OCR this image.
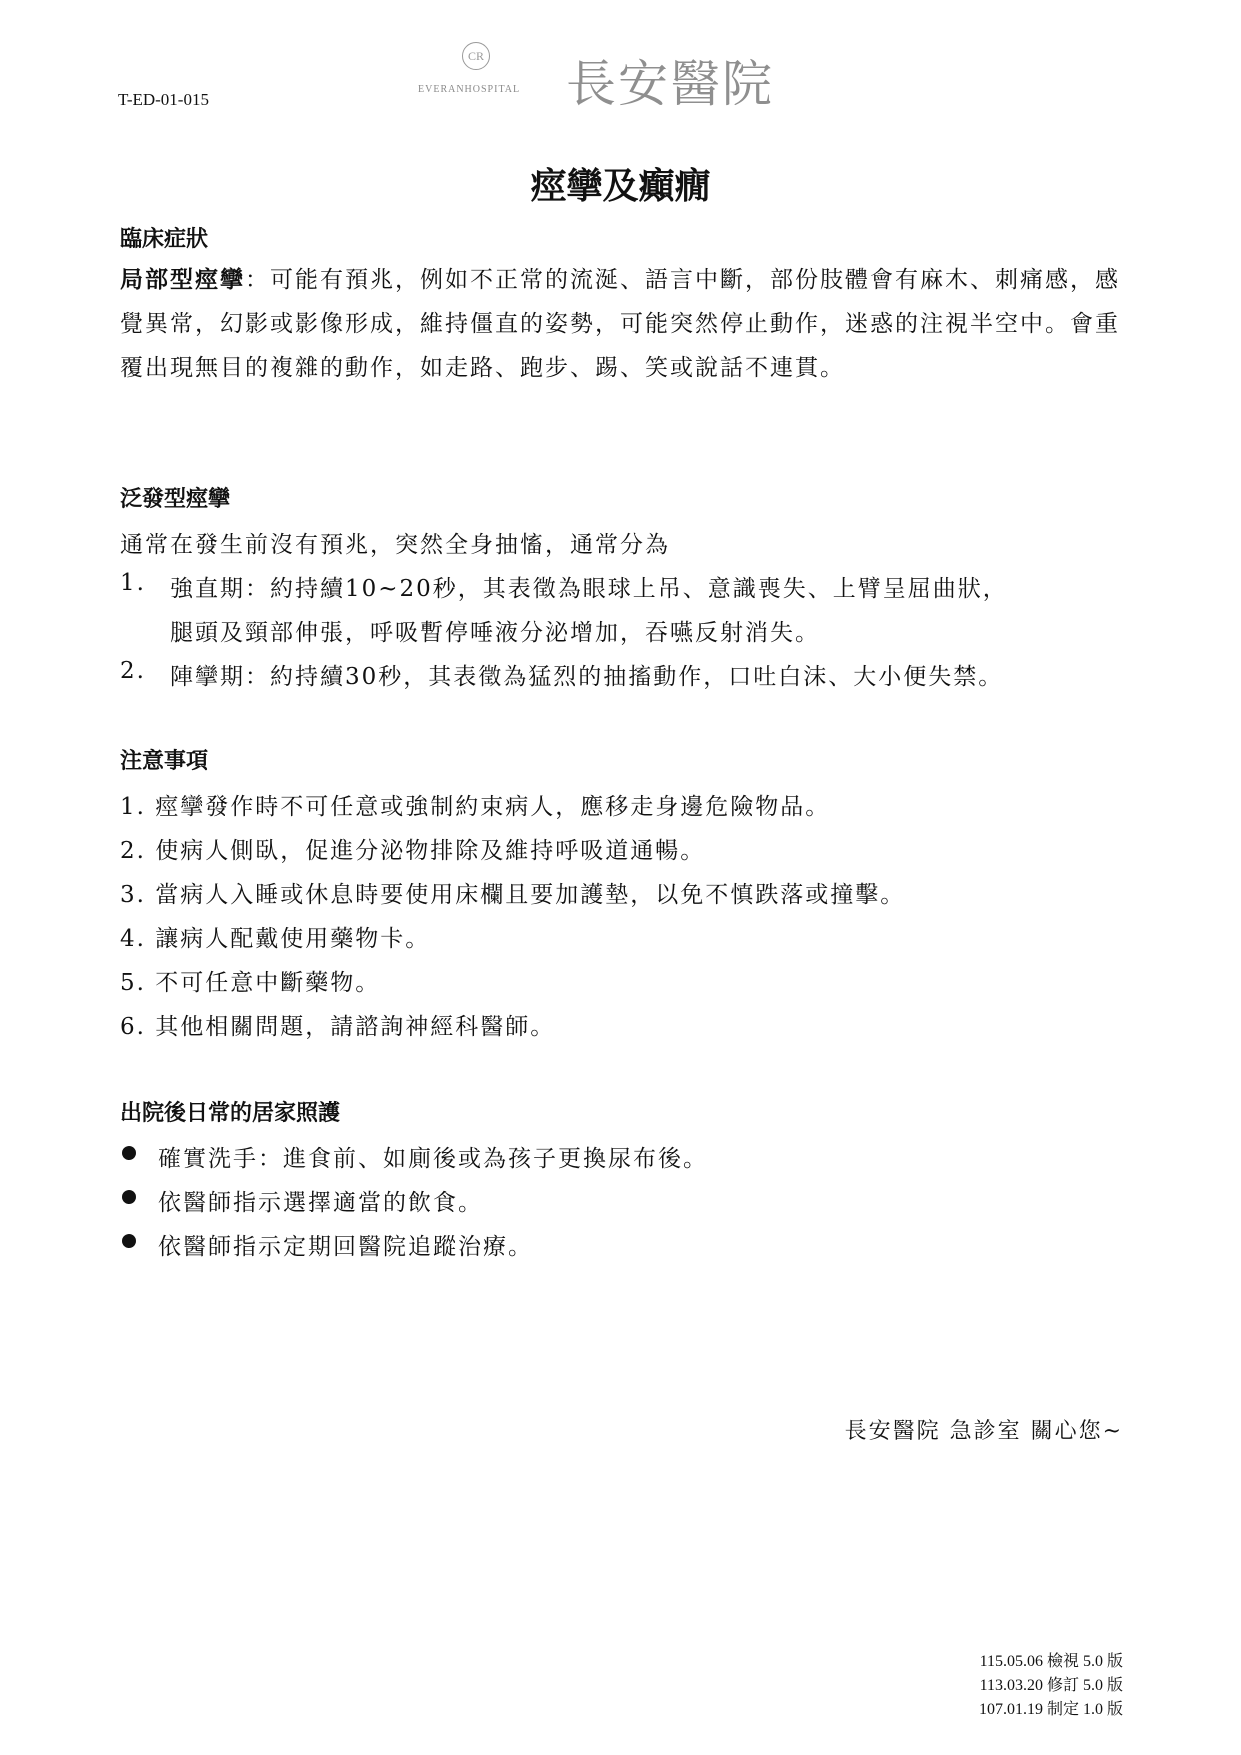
T-ED-01-015
CR
EVERANHOSPITAL 長安醫院
痙攣及癲癇
臨床症狀
局部型痙攣：可能有預兆，例如不正常的流涎、語言中斷，部份肢體會有麻木、刺痛感，感覺異常，幻影或影像形成，維持僵直的姿勢，可能突然停止動作，迷惑的注視半空中。會重覆出現無目的複雜的動作，如走路、跑步、踢、笑或說話不連貫。
泛發型痙攣
通常在發生前沒有預兆，突然全身抽慉，通常分為
1. 強直期：約持續10~20秒，其表徵為眼球上吊、意識喪失、上臂呈屈曲狀，
腿頭及頸部伸張，呼吸暫停唾液分泌增加，吞嚥反射消失。
2. 陣攣期：約持續30秒，其表徵為猛烈的抽搐動作，口吐白沫、大小便失禁。
注意事項
1. 痙攣發作時不可任意或強制約束病人，應移走身邊危險物品。
2. 使病人側臥，促進分泌物排除及維持呼吸道通暢。
3. 當病人入睡或休息時要使用床欄且要加護墊，以免不慎跌落或撞擊。
4. 讓病人配戴使用藥物卡。
5. 不可任意中斷藥物。
6. 其他相關問題，請諮詢神經科醫師。
出院後日常的居家照護
確實洗手：進食前、如廁後或為孩子更換尿布後。
依醫師指示選擇適當的飲食。
依醫師指示定期回醫院追蹤治療。
長安醫院 急診室 關心您~
115.05.06 檢視 5.0 版
113.03.20 修訂 5.0 版
107.01.19 制定 1.0 版
